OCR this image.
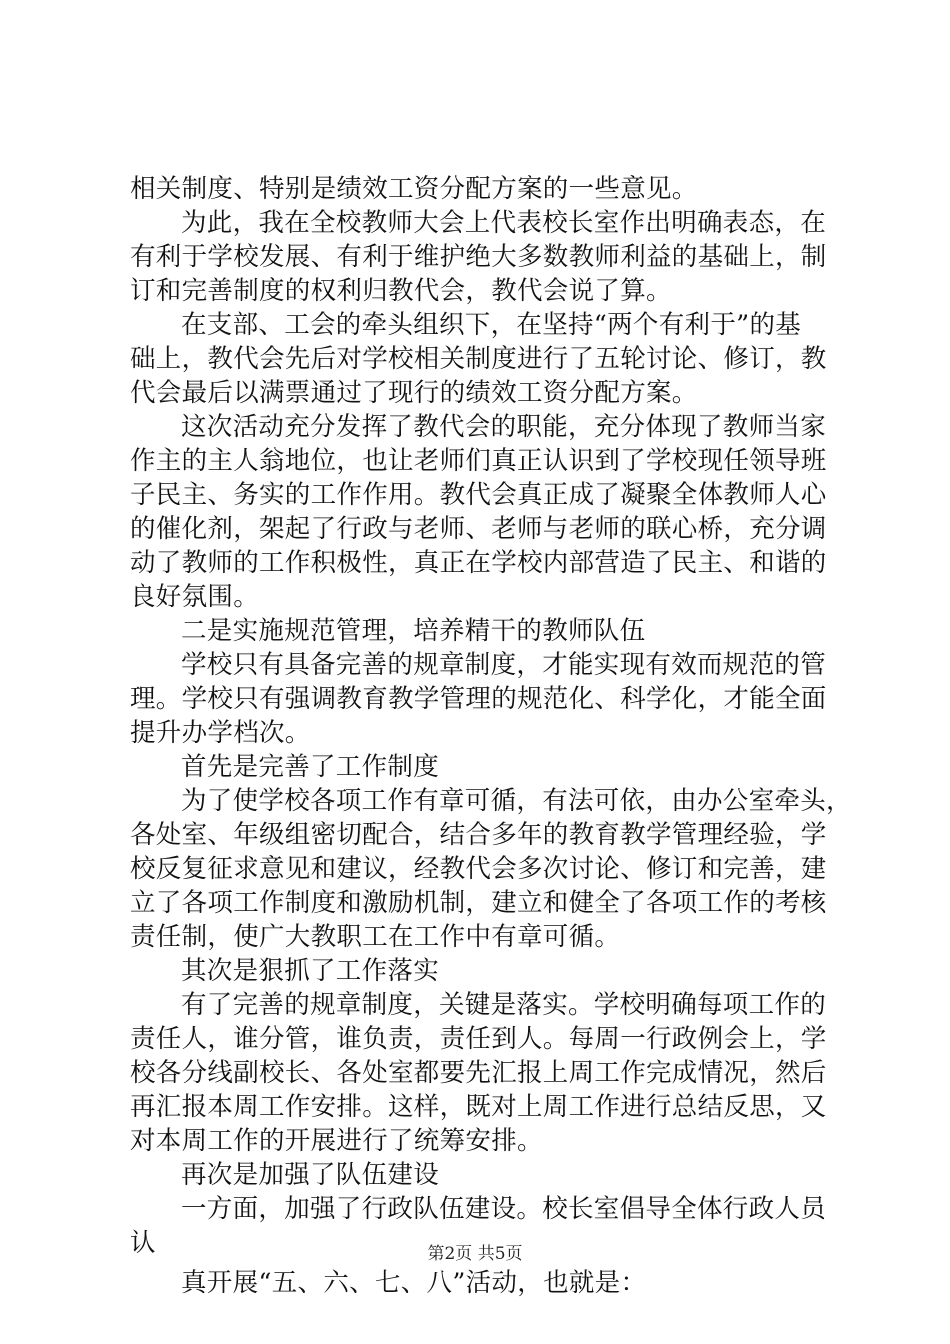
相关制度、特别是绩效工资分配方案的一些意见。
为此，我在全校教师大会上代表校长室作出明确表态，在
有利于学校发展、有利于维护绝大多数教师利益的基础上，制
订和完善制度的权利归教代会，教代会说了算。
在支部、工会的牵头组织下，在坚持“两个有利于”的基
础上，教代会先后对学校相关制度进行了五轮讨论、修订，教
代会最后以满票通过了现行的绩效工资分配方案。
这次活动充分发挥了教代会的职能，充分体现了教师当家
作主的主人翁地位，也让老师们真正认识到了学校现任领导班
子民主、务实的工作作用。教代会真正成了凝聚全体教师人心
的催化剂，架起了行政与老师、老师与老师的联心桥，充分调
动了教师的工作积极性，真正在学校内部营造了民主、和谐的
良好氛围。
二是实施规范管理，培养精干的教师队伍
学校只有具备完善的规章制度，才能实现有效而规范的管
理。学校只有强调教育教学管理的规范化、科学化，才能全面
提升办学档次。
首先是完善了工作制度
为了使学校各项工作有章可循，有法可依，由办公室牵头，
各处室、年级组密切配合，结合多年的教育教学管理经验，学
校反复征求意见和建议，经教代会多次讨论、修订和完善，建
立了各项工作制度和激励机制，建立和健全了各项工作的考核
责任制，使广大教职工在工作中有章可循。
其次是狠抓了工作落实
有了完善的规章制度，关键是落实。学校明确每项工作的
责任人，谁分管，谁负责，责任到人。每周一行政例会上，学
校各分线副校长、各处室都要先汇报上周工作完成情况，然后
再汇报本周工作安排。这样，既对上周工作进行总结反思，又
对本周工作的开展进行了统筹安排。
再次是加强了队伍建设
一方面，加强了行政队伍建设。校长室倡导全体行政人员
认
真开展“五、六、七、八”活动，也就是：
第2页 共5页
